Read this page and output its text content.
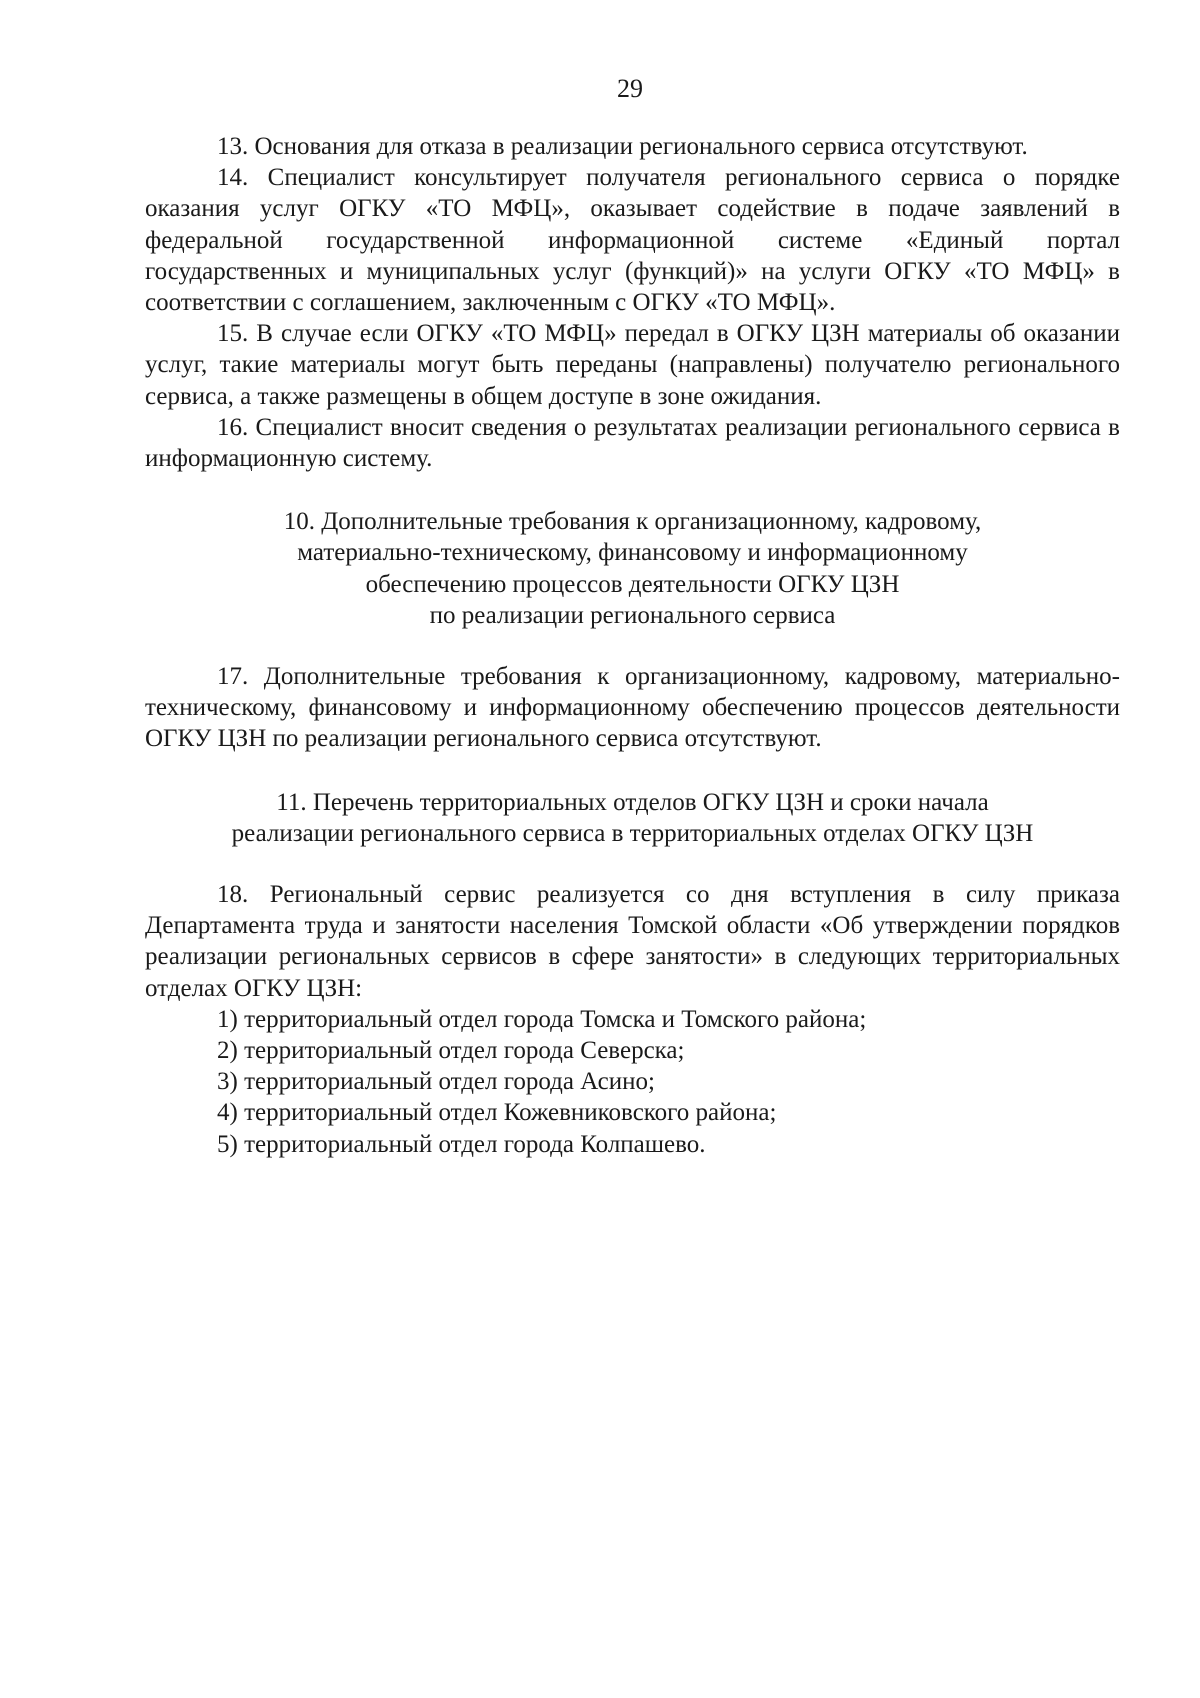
29

13. Основания для отказа в реализации регионального сервиса отсутствуют.

14. Специалист консультирует получателя регионального сервиса о порядке оказания услуг ОГКУ «ТО МФЦ», оказывает содействие в подаче заявлений в федеральной государственной информационной системе «Единый портал государственных и муниципальных услуг (функций)» на услуги ОГКУ «ТО МФЦ» в соответствии с соглашением, заключенным с ОГКУ «ТО МФЦ».

15. В случае если ОГКУ «ТО МФЦ» передал в ОГКУ ЦЗН материалы об оказании услуг, такие материалы могут быть переданы (направлены) получателю регионального сервиса, а также размещены в общем доступе в зоне ожидания.

16. Специалист вносит сведения о результатах реализации регионального сервиса в информационную систему.

10. Дополнительные требования к организационному, кадровому,

материально-техническому, финансовому и информационному

обеспечению процессов деятельности ОГКУ ЦЗН

по реализации регионального сервиса

17. Дополнительные требования к организационному, кадровому, материально-техническому, финансовому и информационному обеспечению процессов деятельности ОГКУ ЦЗН по реализации регионального сервиса отсутствуют.

11. Перечень территориальных отделов ОГКУ ЦЗН и сроки начала

реализации регионального сервиса в территориальных отделах ОГКУ ЦЗН

18. Региональный сервис реализуется со дня вступления в силу приказа Департамента труда и занятости населения Томской области «Об утверждении порядков реализации региональных сервисов в сфере занятости» в следующих территориальных отделах ОГКУ ЦЗН:

1) территориальный отдел города Томска и Томского района;

2) территориальный отдел города Северска;

3) территориальный отдел города Асино;

4) территориальный отдел Кожевниковского района;

5) территориальный отдел города Колпашево.
